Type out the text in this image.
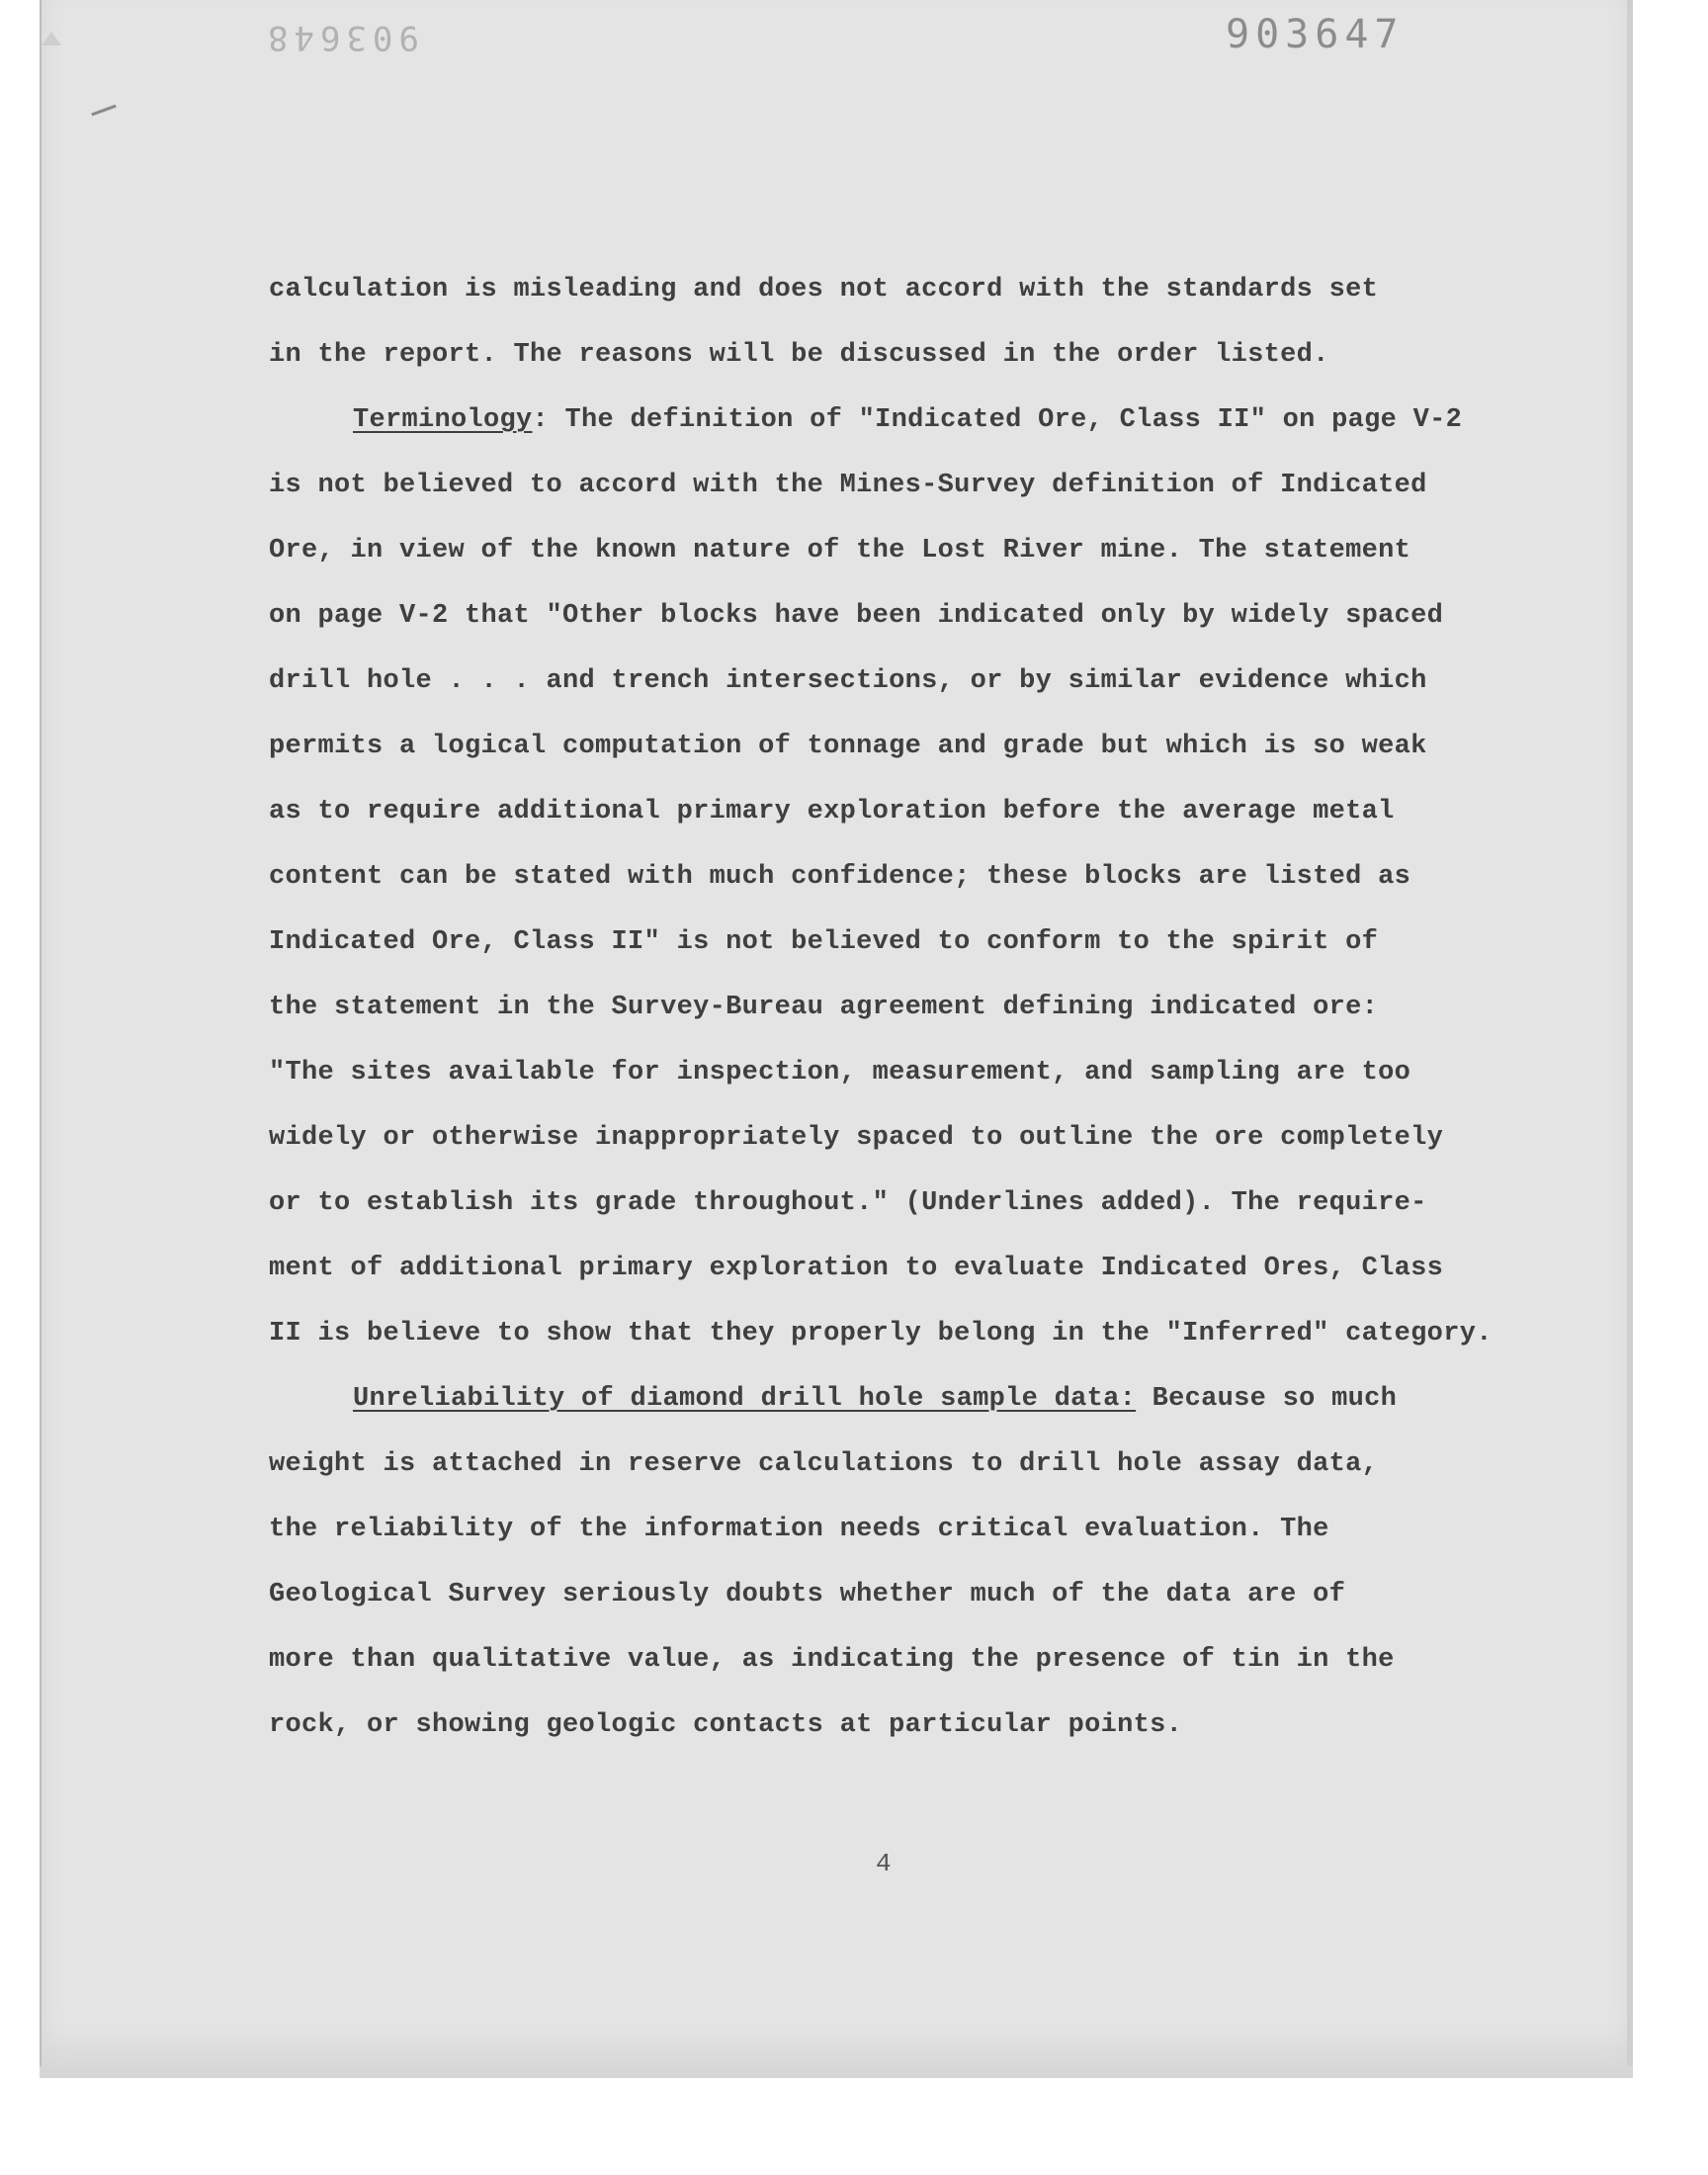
903648	903647
calculation is misleading and does not accord with the standards set
in the report. The reasons will be discussed in the order listed.
Terminology: The definition of "Indicated Ore, Class II" on page V-2
is not believed to accord with the Mines-Survey definition of Indicated
Ore, in view of the known nature of the Lost River mine. The statement
on page V-2 that "Other blocks have been indicated only by widely spaced
drill hole . . . and trench intersections, or by similar evidence which
permits a logical computation of tonnage and grade but which is so weak
as to require additional primary exploration before the average metal
content can be stated with much confidence; these blocks are listed as
Indicated Ore, Class II" is not believed to conform to the spirit of
the statement in the Survey-Bureau agreement defining indicated ore:
"The sites available for inspection, measurement, and sampling are too
widely or otherwise inappropriately spaced to outline the ore completely
or to establish its grade throughout." (Underlines added). The require-
ment of additional primary exploration to evaluate Indicated Ores, Class
II is believe to show that they properly belong in the "Inferred" category.
Unreliability of diamond drill hole sample data: Because so much
weight is attached in reserve calculations to drill hole assay data,
the reliability of the information needs critical evaluation. The
Geological Survey seriously doubts whether much of the data are of
more than qualitative value, as indicating the presence of tin in the
rock, or showing geologic contacts at particular points.
4
